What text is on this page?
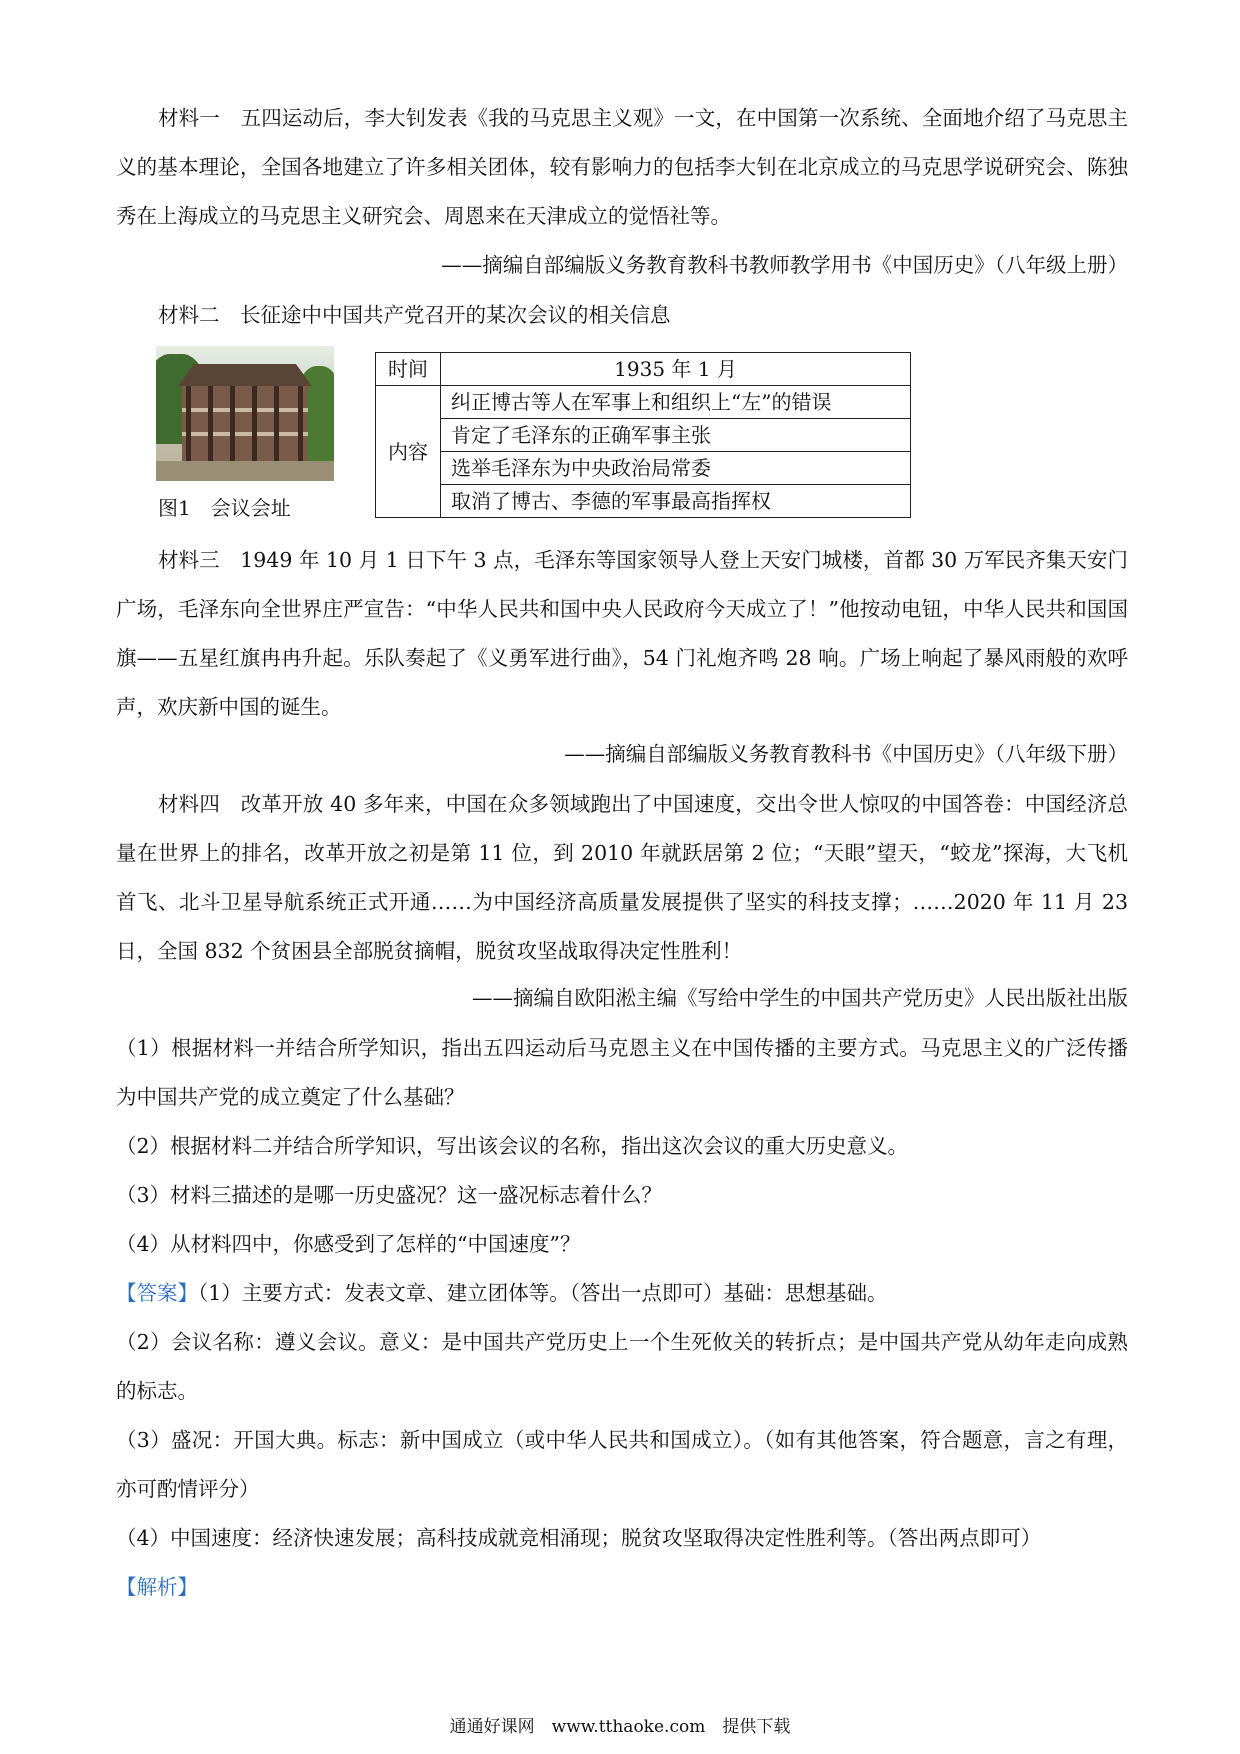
材料一　 五四运动后，李大钊发表《我的马克思主义观》一文，在中国第一次系统、全面地介绍了马克思主义的基本理论，全国各地建立了许多相关团体，较有影响力的包括李大钊在北京成立的马克思学说研究会、陈独秀在上海成立的马克思主义研究会、周恩来在天津成立的觉悟社等。

——摘编自部编版义务教育教科书教师教学用书《中国历史》（八年级上册）

材料二　 长征途中中国共产党召开的某次会议的相关信息

图1　会议会址
时间	1935 年 1 月
内容	纠正博古等人在军事上和组织上“左”的错误
	肯定了毛泽东的正确军事主张
	选举毛泽东为中央政治局常委
	取消了博古、李德的军事最高指挥权

材料三　 1949 年 10 月 1 日下午 3 点，毛泽东等国家领导人登上天安门城楼，首都 30 万军民齐集天安门广场，毛泽东向全世界庄严宣告：“中华人民共和国中央人民政府今天成立了！”他按动电钮，中华人民共和国国旗——五星红旗冉冉升起。乐队奏起了《义勇军进行曲》，54 门礼炮齐鸣 28 响。广场上响起了暴风雨般的欢呼声，欢庆新中国的诞生。

——摘编自部编版义务教育教科书《中国历史》（八年级下册）

材料四　 改革开放 40 多年来，中国在众多领域跑出了中国速度，交出令世人惊叹的中国答卷：中国经济总量在世界上的排名，改革开放之初是第 11 位，到 2010 年就跃居第 2 位；“天眼”望天，“蛟龙”探海，大飞机首飞、北斗卫星导航系统正式开通……为中国经济高质量发展提供了坚实的科技支撑；……2020 年 11 月 23 日，全国 832 个贫困县全部脱贫摘帽，脱贫攻坚战取得决定性胜利！

——摘编自欧阳淞主编《写给中学生的中国共产党历史》人民出版社出版

（1）根据材料一并结合所学知识，指出五四运动后马克恩主义在中国传播的主要方式。马克思主义的广泛传播为中国共产党的成立奠定了什么基础？

（2）根据材料二并结合所学知识，写出该会议的名称，指出这次会议的重大历史意义。

（3）材料三描述的是哪一历史盛况？这一盛况标志着什么？

（4）从材料四中，你感受到了怎样的“中国速度”？

【答案】（1）主要方式：发表文章、建立团体等。（答出一点即可）基础：思想基础。

（2）会议名称：遵义会议。意义：是中国共产党历史上一个生死攸关的转折点；是中国共产党从幼年走向成熟的标志。

（3）盛况：开国大典。标志：新中国成立（或中华人民共和国成立）。（如有其他答案，符合题意，言之有理，亦可酌情评分）

（4）中国速度：经济快速发展；高科技成就竞相涌现；脱贫攻坚取得决定性胜利等。（答出两点即可）

【解析】

通通好课网　www.tthaoke.com　提供下载
